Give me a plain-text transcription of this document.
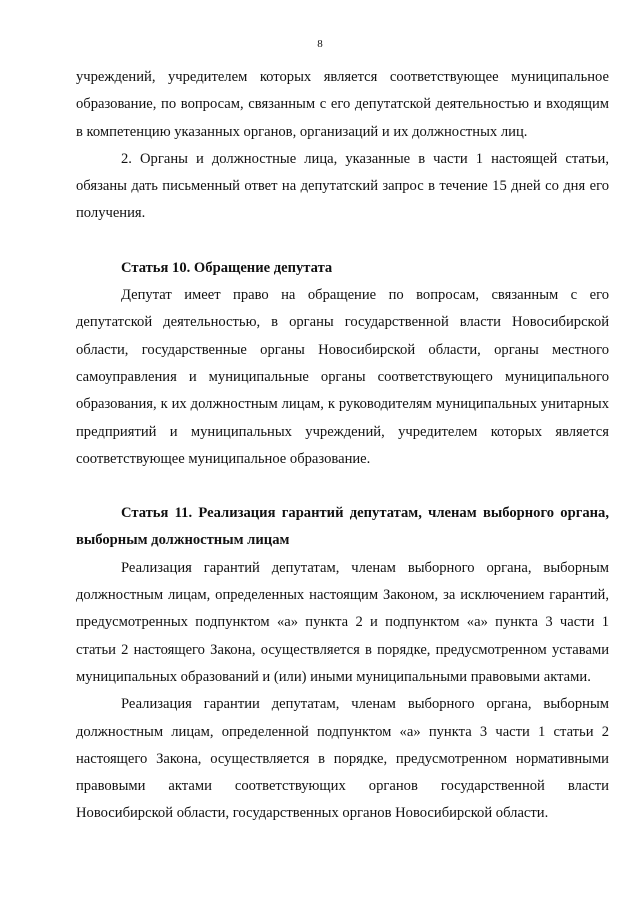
8

учреждений, учредителем которых является соответствующее муниципальное образование, по вопросам, связанным с его депутатской деятельностью и входящим в компетенцию указанных органов, организаций и их должностных лиц.

2. Органы и должностные лица, указанные в части 1 настоящей статьи, обязаны дать письменный ответ на депутатский запрос в течение 15 дней со дня его получения.

Статья 10. Обращение депутата

Депутат имеет право на обращение по вопросам, связанным с его депутатской деятельностью, в органы государственной власти Новосибирской области, государственные органы Новосибирской области, органы местного самоуправления и муниципальные органы соответствующего муниципального образования, к их должностным лицам, к руководителям муниципальных унитарных предприятий и муниципальных учреждений, учредителем которых является соответствующее муниципальное образование.

Статья 11. Реализация гарантий депутатам, членам выборного органа, выборным должностным лицам

Реализация гарантий депутатам, членам выборного органа, выборным должностным лицам, определенных настоящим Законом, за исключением гарантий, предусмотренных подпунктом «а» пункта 2 и подпунктом «а» пункта 3 части 1 статьи 2 настоящего Закона, осуществляется в порядке, предусмотренном уставами муниципальных образований и (или) иными муниципальными правовыми актами.

Реализация гарантии депутатам, членам выборного органа, выборным должностным лицам, определенной подпунктом «а» пункта 3 части 1 статьи 2 настоящего Закона, осуществляется в порядке, предусмотренном нормативными правовыми актами соответствующих органов государственной власти Новосибирской области, государственных органов Новосибирской области.
